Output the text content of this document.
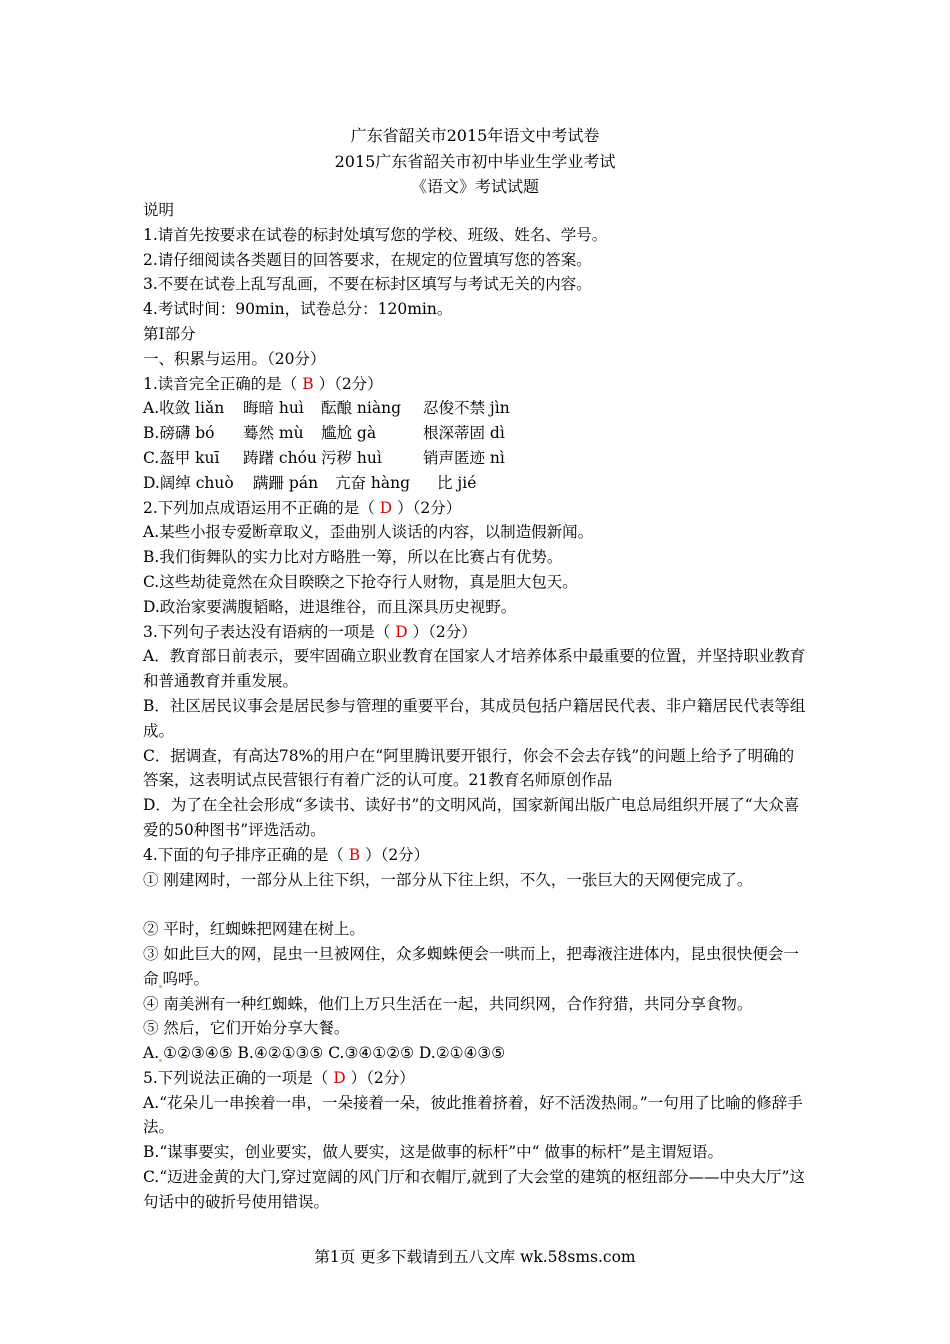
广东省韶关市2015年语文中考试卷
2015广东省韶关市初中毕业生学业考试
《语文》考试试题

说明

1.请首先按要求在试卷的标封处填写您的学校、班级、姓名、学号。

2.请仔细阅读各类题目的回答要求，在规定的位置填写您的答案。

3.不要在试卷上乱写乱画，不要在标封区填写与考试无关的内容。

4.考试时间：90min，试卷总分：120min。

第Ⅰ部分

一、积累与运用。（20分）

1.读音完全正确的是（ B ）（2分）

A.收敛 liǎn 晦暗 huì 酝酿 niàng 忍俊不禁 jìn

B.磅礴 bó 蓦然 mù 尴尬 gà	根深蒂固 dì

C.盔甲 kuī 踌躇 chóu 污秽 huì	销声匿迹 nì

D.阔绰 chuò 蹒跚 pán 亢奋 hàng 比 jié

2.下列加点成语运用不正确的是（ D ）（2分）

A.某些小报专爱断章取义，歪曲别人谈话的内容，以制造假新闻。

B.我们街舞队的实力比对方略胜一筹，所以在比赛占有优势。

C.这些劫徒竟然在众目睽睽之下抢夺行人财物，真是胆大包天。

D.政治家要满腹韬略，进退维谷，而且深具历史视野。

3.下列句子表达没有语病的一项是（ D ）（2分）

A．教育部日前表示，要牢固确立职业教育在国家人才培养体系中最重要的位置，并坚持职业教育和普通教育并重发展。

B．社区居民议事会是居民参与管理的重要平台，其成员包括户籍居民代表、非户籍居民代表等组成。

C．据调查，有高达78%的用户在“阿里腾讯要开银行，你会不会去存钱”的问题上给予了明确的答案，这表明试点民营银行有着广泛的认可度。21教育名师原创作品

D．为了在全社会形成“多读书、读好书”的文明风尚，国家新闻出版广电总局组织开展了“大众喜爱的50种图书”评选活动。

4.下面的句子排序正确的是（ B ）（2分）

① 刚建网时，一部分从上往下织，一部分从下往上织，不久，一张巨大的天网便完成了。

② 平时，红蜘蛛把网建在树上。

③ 如此巨大的网，昆虫一旦被网住，众多蜘蛛便会一哄而上，把毒液注进体内，昆虫很快便会一命 呜呼。

④ 南美洲有一种红蜘蛛，他们上万只生活在一起，共同织网，合作狩猎，共同分享食物。

⑤ 然后，它们开始分享大餐。

A. ①②③④⑤ B.④②①③⑤ C.③④①②⑤ D.②①④③⑤

5.下列说法正确的一项是（ D ）（2分）

A.“花朵儿一串挨着一串，一朵接着一朵，彼此推着挤着，好不活泼热闹。”一句用了比喻的修辞手法。

B.“谋事要实，创业要实，做人要实，这是做事的标杆”中“ 做事的标杆”是主谓短语。

C.“迈进金黄的大门,穿过宽阔的风门厅和衣帽厅,就到了大会堂的建筑的枢纽部分——中央大厅”这句话中的破折号使用错误。

第1页 更多下载请到五八文库 wk.58sms.com
